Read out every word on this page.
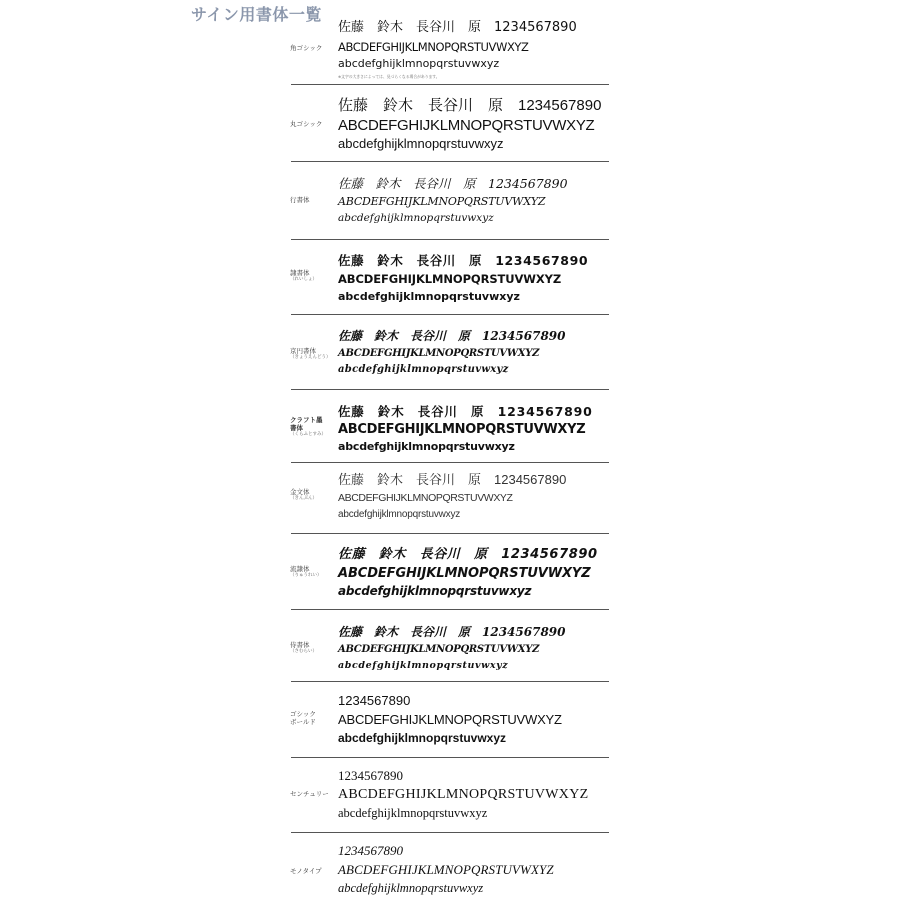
サイン用書体一覧
角ゴシック
佐藤　鈴木　長谷川　原　1234567890
ABCDEFGHIJKLMNOPQRSTUVWXYZ
abcdefghijklmnopqrstuvwxyz
※文字の大きさによっては、見づらくなる場合があります。
丸ゴシック
佐藤　鈴木　長谷川　原　1234567890
ABCDEFGHIJKLMNOPQRSTUVWXYZ
abcdefghijklmnopqrstuvwxyz
行書体
佐藤　鈴木　長谷川　原　1234567890
ABCDEFGHIJKLMNOPQRSTUVWXYZ
abcdefghijklmnopqrstuvwxyz
隷書体
（れいしょ）
佐藤　鈴木　長谷川　原　1234567890
ABCDEFGHIJKLMNOPQRSTUVWXYZ
abcdefghijklmnopqrstuvwxyz
京円書体
（きょうえんどう）
佐藤　鈴木　長谷川　原　1234567890
ABCDEFGHIJKLMNOPQRSTUVWXYZ
abcdefghijklmnopqrstuvwxyz
クラフト墨
書体
（くらふとすみ）
佐藤　鈴木　長谷川　原　1234567890
ABCDEFGHIJKLMNOPQRSTUVWXYZ
abcdefghijklmnopqrstuvwxyz
金文体
（きんぶん）
佐藤　鈴木　長谷川　原　1234567890
ABCDEFGHIJKLMNOPQRSTUVWXYZ
abcdefghijklmnopqrstuvwxyz
流隷体
（りゅうれい）
佐藤　鈴木　長谷川　原　1234567890
ABCDEFGHIJKLMNOPQRSTUVWXYZ
abcdefghijklmnopqrstuvwxyz
侍書体
（さむらい）
佐藤　鈴木　長谷川　原　1234567890
ABCDEFGHIJKLMNOPQRSTUVWXYZ
abcdefghijklmnopqrstuvwxyz
ゴシック
ボールド
1234567890
ABCDEFGHIJKLMNOPQRSTUVWXYZ
abcdefghijklmnopqrstuvwxyz
センチュリー
1234567890
ABCDEFGHIJKLMNOPQRSTUVWXYZ
abcdefghijklmnopqrstuvwxyz
モノタイプ
1234567890
ABCDEFGHIJKLMNOPQRSTUVWXYZ
abcdefghijklmnopqrstuvwxyz
